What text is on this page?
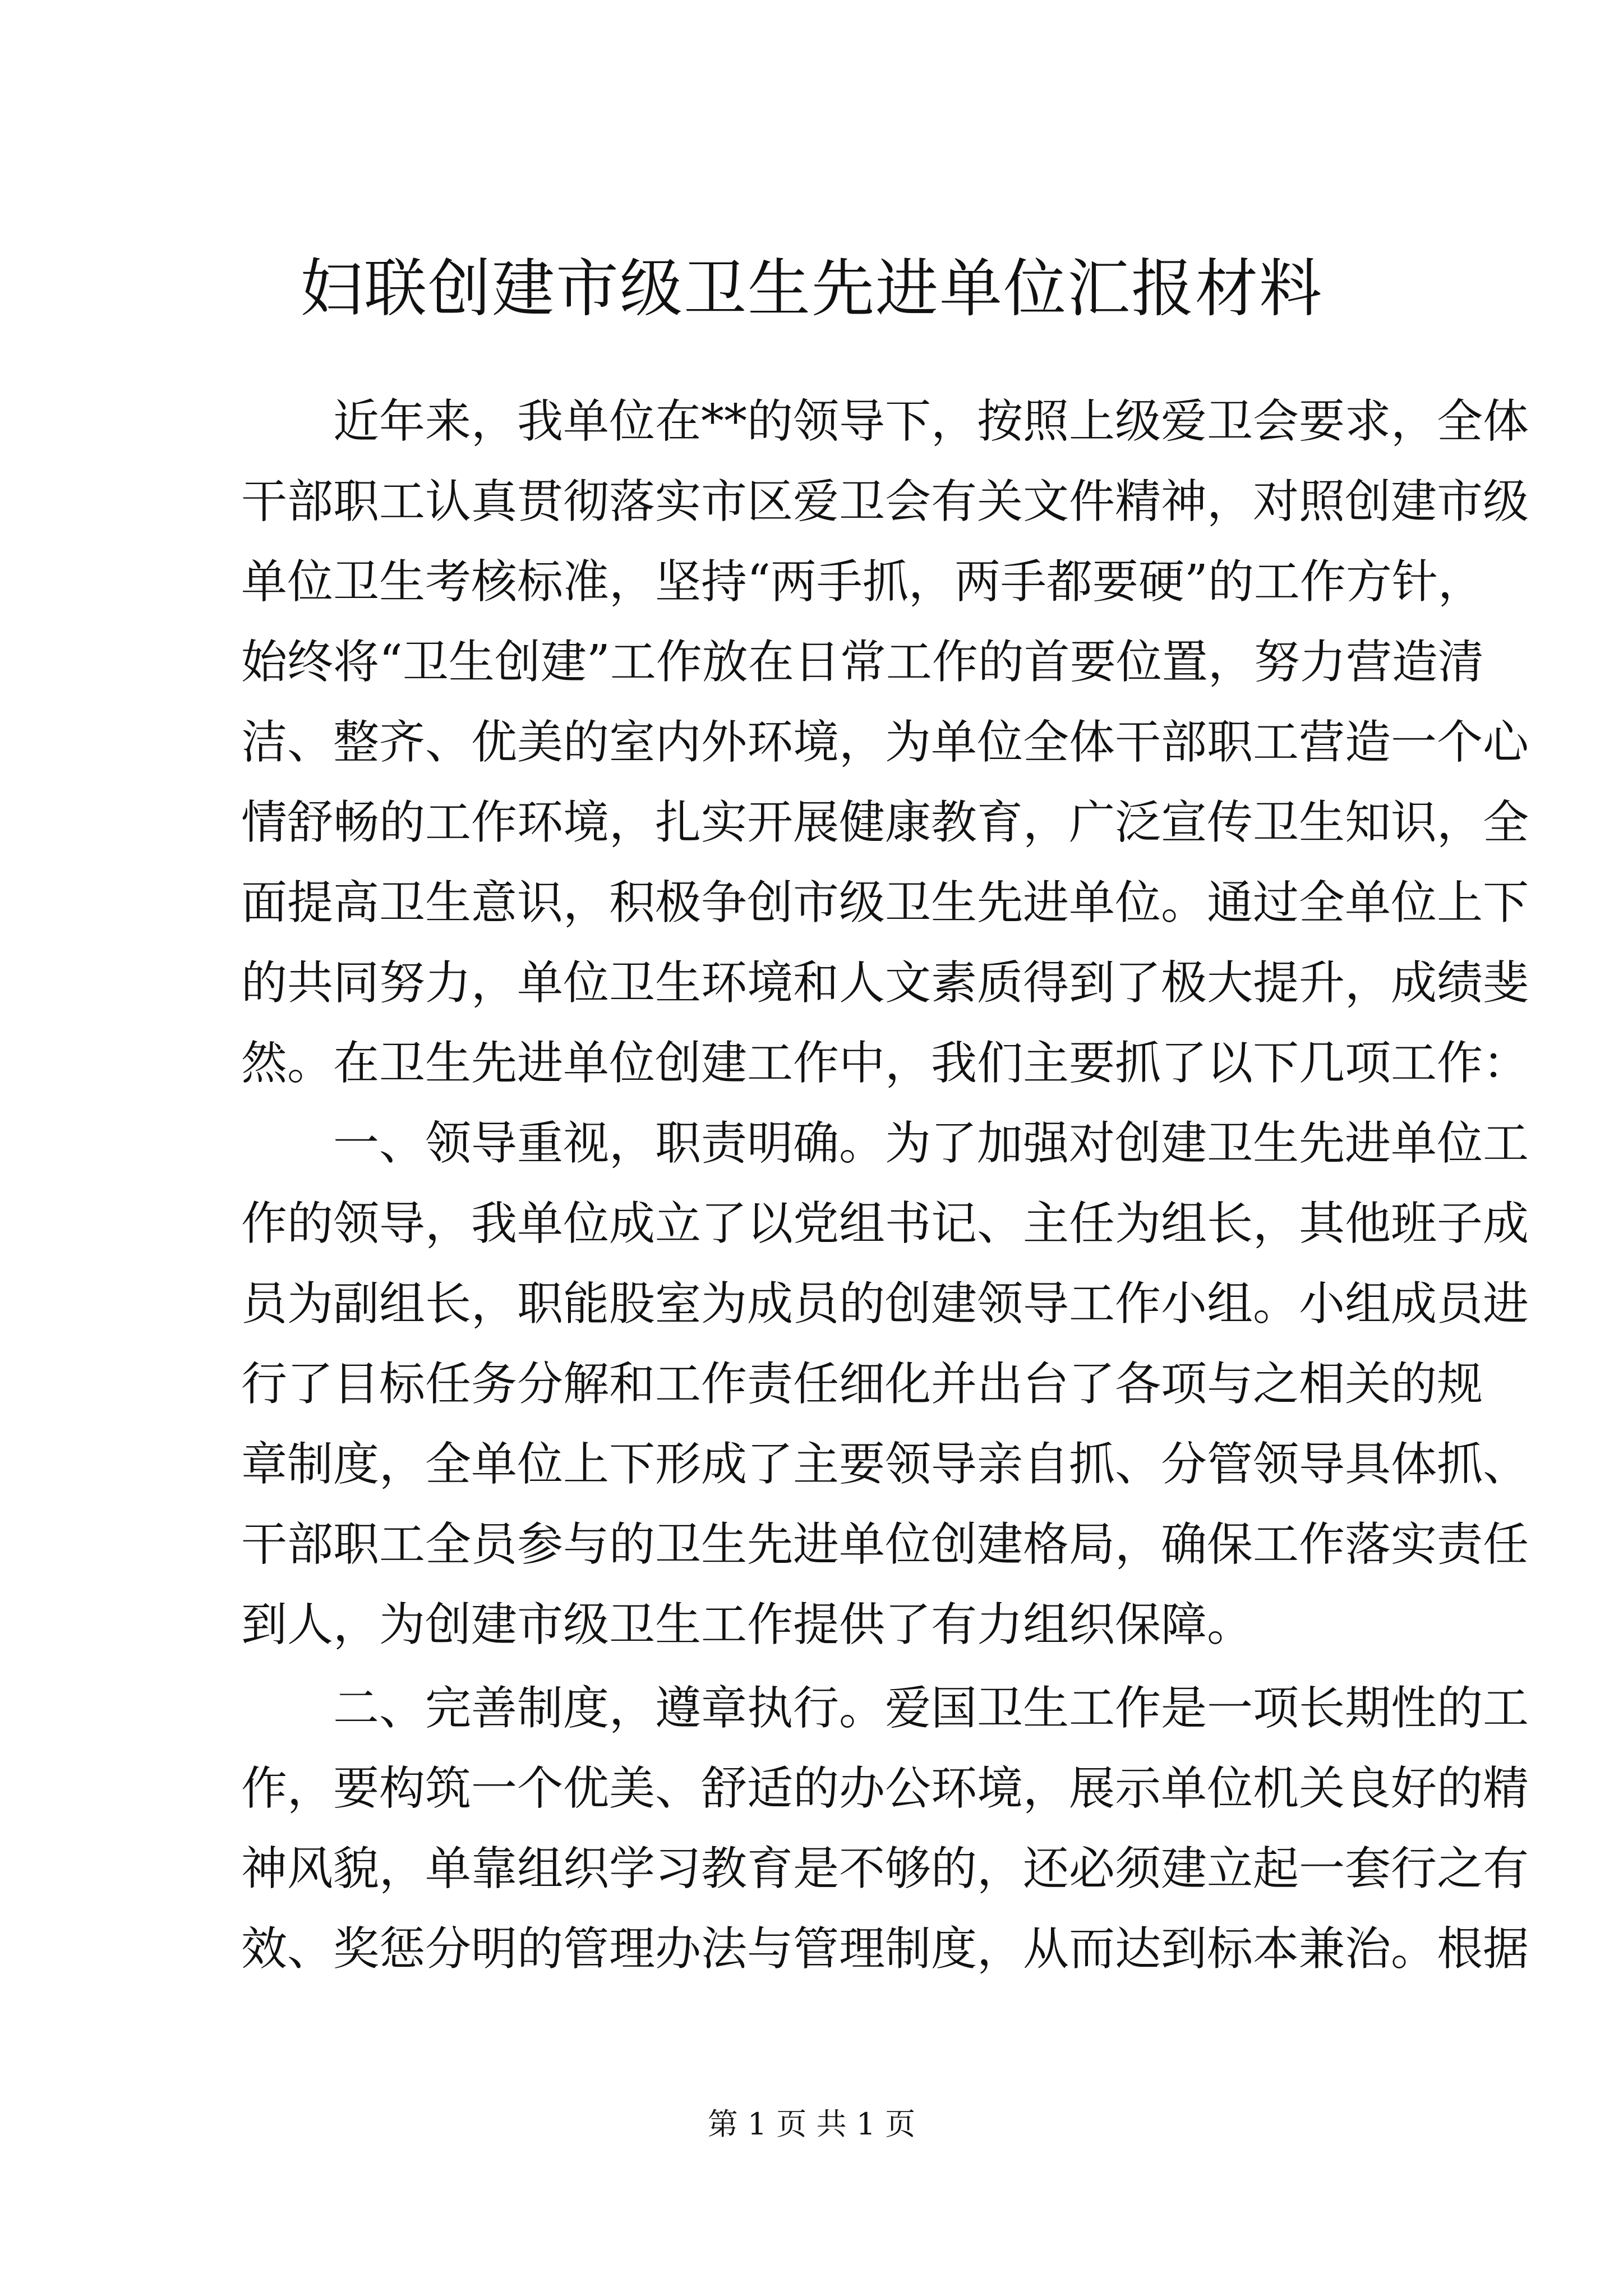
妇联创建市级卫生先进单位汇报材料
近年来，我单位在**的领导下，按照上级爱卫会要求，全体
干部职工认真贯彻落实市区爱卫会有关文件精神，对照创建市级
单位卫生考核标准，坚持“两手抓，两手都要硬”的工作方针，
始终将“卫生创建”工作放在日常工作的首要位置，努力营造清
洁、整齐、优美的室内外环境，为单位全体干部职工营造一个心
情舒畅的工作环境，扎实开展健康教育，广泛宣传卫生知识，全
面提高卫生意识，积极争创市级卫生先进单位。通过全单位上下
的共同努力，单位卫生环境和人文素质得到了极大提升，成绩斐
然。在卫生先进单位创建工作中，我们主要抓了以下几项工作：
一、领导重视，职责明确。为了加强对创建卫生先进单位工
作的领导，我单位成立了以党组书记、主任为组长，其他班子成
员为副组长，职能股室为成员的创建领导工作小组。小组成员进
行了目标任务分解和工作责任细化并出台了各项与之相关的规
章制度，全单位上下形成了主要领导亲自抓、分管领导具体抓、
干部职工全员参与的卫生先进单位创建格局，确保工作落实责任
到人，为创建市级卫生工作提供了有力组织保障。
二、完善制度，遵章执行。爱国卫生工作是一项长期性的工
作，要构筑一个优美、舒适的办公环境，展示单位机关良好的精
神风貌，单靠组织学习教育是不够的，还必须建立起一套行之有
效、奖惩分明的管理办法与管理制度，从而达到标本兼治。根据
第 1 页 共 1 页
